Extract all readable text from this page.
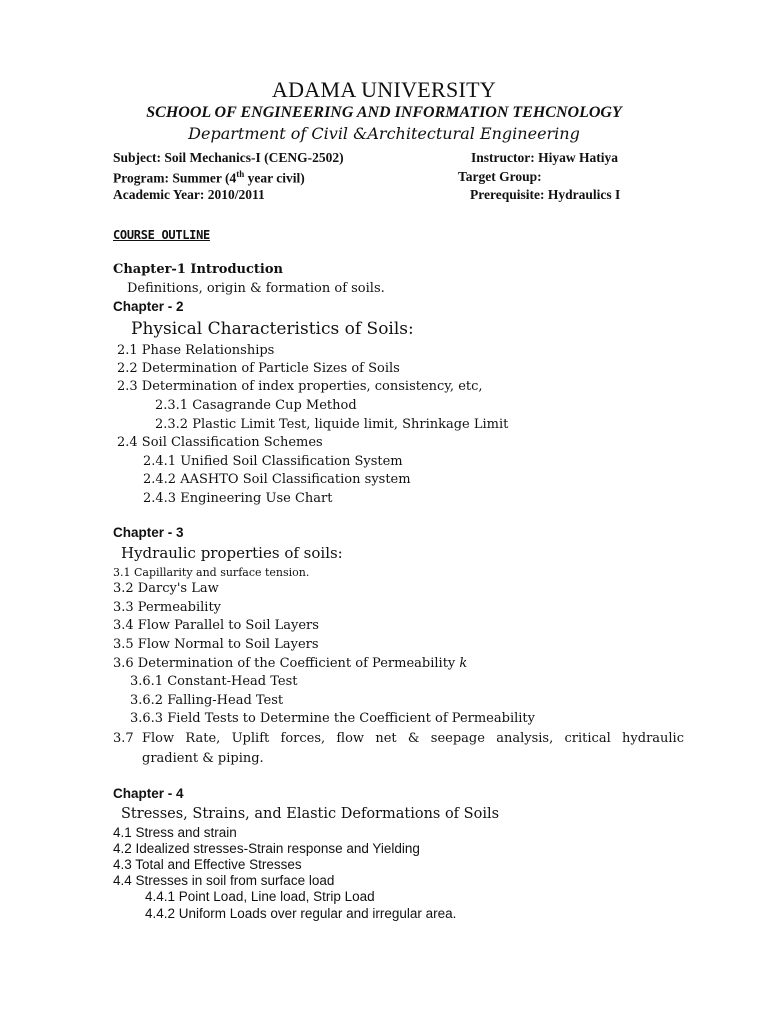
ADAMA UNIVERSITY
SCHOOL OF ENGINEERING AND INFORMATION TEHCNOLOGY
Department of Civil &Architectural Engineering
Subject: Soil Mechanics-I (CENG-2502)	Instructor: Hiyaw Hatiya
Program: Summer (4th year civil)	Target Group:
Academic Year: 2010/2011	Prerequisite: Hydraulics I
COURSE OUTLINE
Chapter-1 Introduction
Definitions, origin & formation of soils.
Chapter - 2
Physical Characteristics of Soils:
2.1 Phase Relationships
2.2 Determination of Particle Sizes of Soils
2.3 Determination of index properties, consistency, etc,
2.3.1 Casagrande Cup Method
2.3.2 Plastic Limit Test, liquide limit, Shrinkage Limit
2.4 Soil Classification Schemes
2.4.1 Unified Soil Classification System
2.4.2 AASHTO Soil Classification system
2.4.3 Engineering Use Chart
Chapter - 3
Hydraulic properties of soils:
3.1 Capillarity and surface tension.
3.2 Darcy's Law
3.3 Permeability
3.4 Flow Parallel to Soil Layers
3.5 Flow Normal to Soil Layers
3.6 Determination of the Coefficient of Permeability k
3.6.1 Constant-Head Test
3.6.2 Falling-Head Test
3.6.3 Field Tests to Determine the Coefficient of Permeability
3.7 Flow Rate, Uplift forces, flow net & seepage analysis, critical hydraulic
gradient & piping.
Chapter - 4
Stresses, Strains, and Elastic Deformations of Soils
4.1 Stress and strain
4.2 Idealized stresses-Strain response and Yielding
4.3 Total and Effective Stresses
4.4 Stresses in soil from surface load
4.4.1 Point Load, Line load, Strip Load
4.4.2 Uniform Loads over regular and irregular area.
